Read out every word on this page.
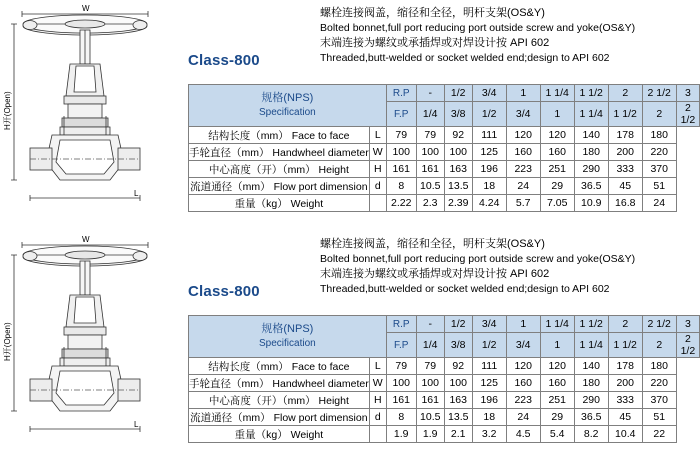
W
L
H开(Open)
螺栓连接阀盖，缩径和全径，明杆支架(OS&Y)
Bolted bonnet,full port reducing port outside screw and yoke(OS&Y)
末端连接为螺纹或承插焊或对焊设计按 API 602
Threaded,butt-welded or socket welded end;design to API 602
Class-800
规格(NPS)
Specification		R.P	-	1/2	3/4	1	1 1/4	1 1/2	2	2 1/2	3
		F.P	1/4	3/8	1/2	3/4	1	1 1/4	1 1/2	2	2 1/2
结构长度（mm） Face to face	L	79	79	92	111	120	120	140	178	180	
手轮直径（mm） Handwheel diameter	W	100	100	100	125	160	160	180	200	220	
中心髙度（开）（mm） Height	H	161	161	163	196	223	251	290	333	370	
流道通径（mm） Flow port dimension	d	8	10.5	13.5	18	24	29	36.5	45	51	
重量（kg） Weight		2.22	2.3	2.39	4.24	5.7	7.05	10.9	16.8	24	
W
L
H开(Open)
螺栓连接阀盖，缩径和全径，明杆支架(OS&Y)
Bolted bonnet,full port reducing port outside screw and yoke(OS&Y)
末端连接为螺纹或承插焊或对焊设计按 API 602
Threaded,butt-welded or socket welded end;design to API 602
Class-800
规格(NPS)
Specification		R.P	-	1/2	3/4	1	1 1/4	1 1/2	2	2 1/2	3
		F.P	1/4	3/8	1/2	3/4	1	1 1/4	1 1/2	2	2 1/2
结构长度（mm） Face to face	L	79	79	92	111	120	120	140	178	180	
手轮直径（mm） Handwheel diameter	W	100	100	100	125	160	160	180	200	220	
中心髙度（开）（mm） Height	H	161	161	163	196	223	251	290	333	370	
流道通径（mm） Flow port dimension	d	8	10.5	13.5	18	24	29	36.5	45	51	
重量（kg） Weight		1.9	1.9	2.1	3.2	4.5	5.4	8.2	10.4	22	
